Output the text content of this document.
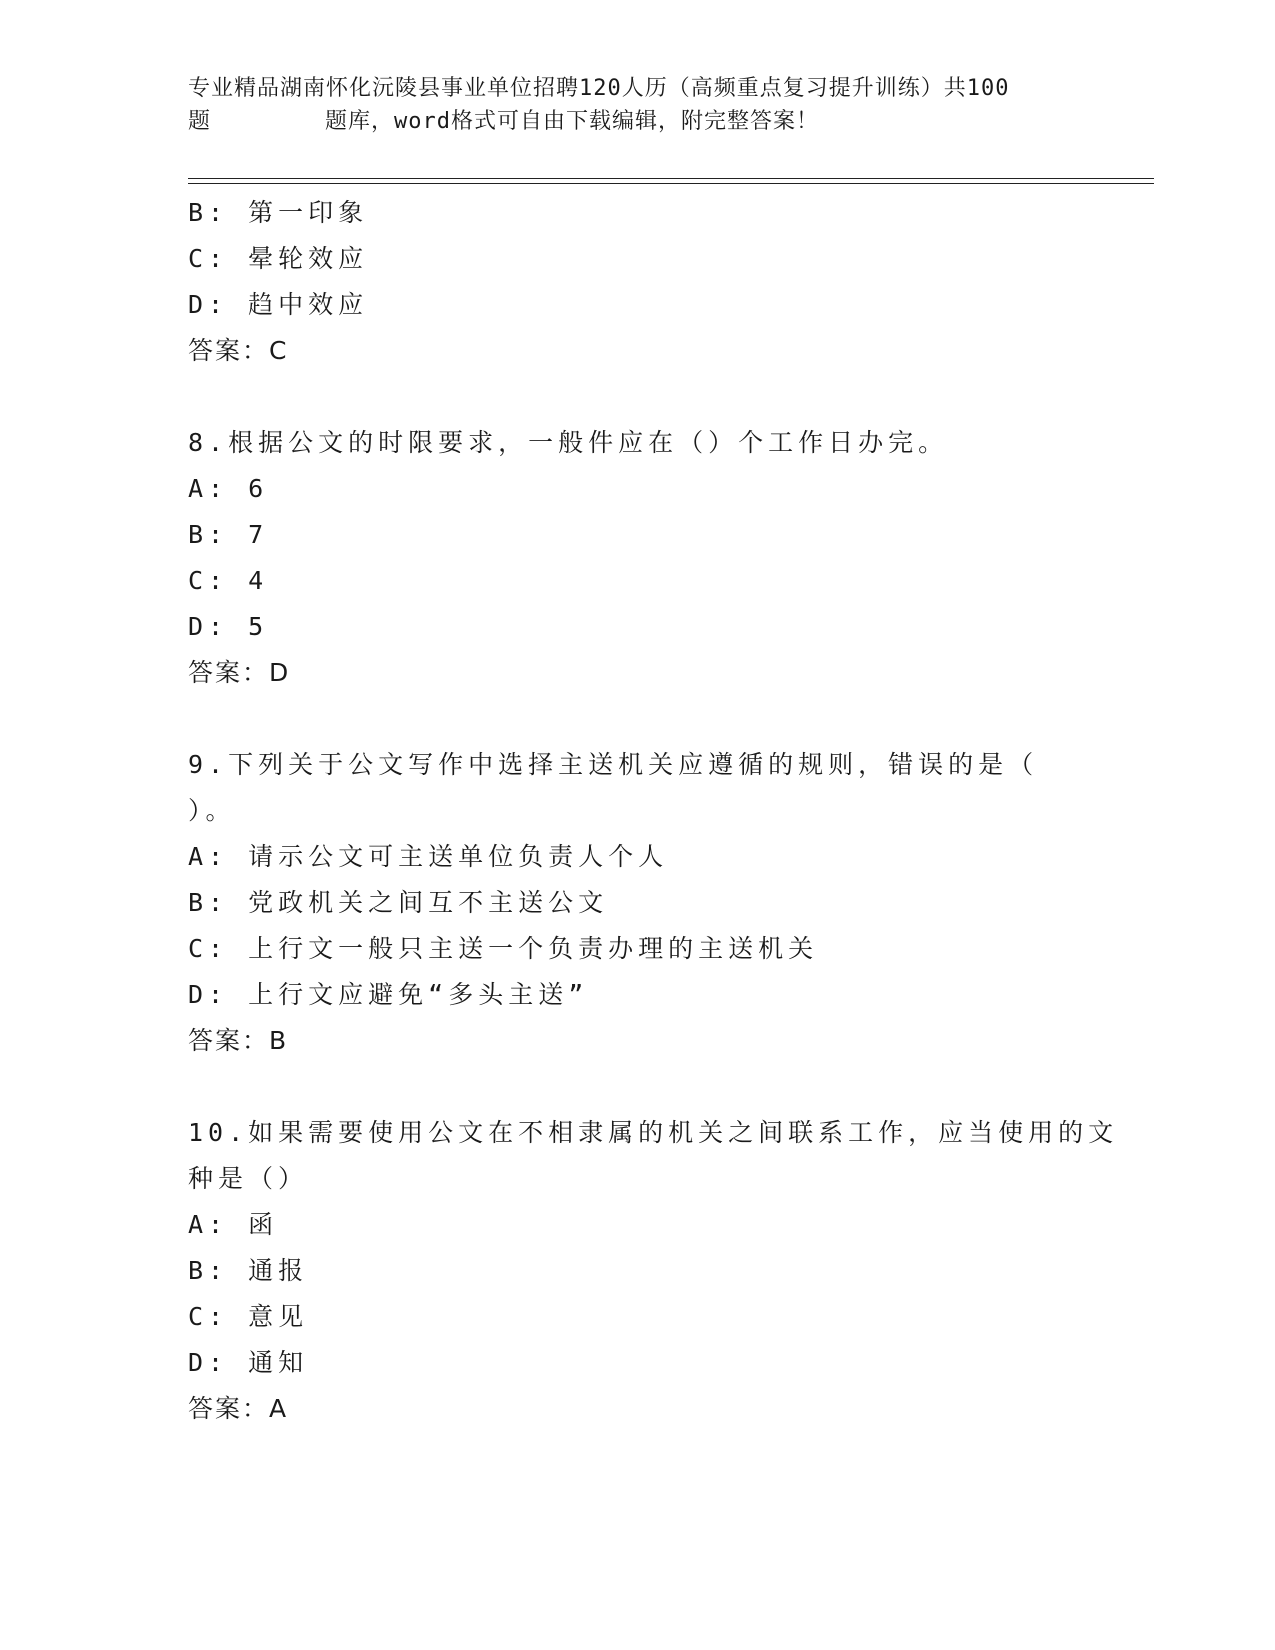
专业精品湖南怀化沅陵县事业单位招聘120人历（高频重点复习提升训练）共100
题        题库，word格式可自由下载编辑，附完整答案！
B: 第一印象
C: 晕轮效应
D: 趋中效应
答案：C
8.根据公文的时限要求，一般件应在（）个工作日办完。
A: 6
B: 7
C: 4
D: 5
答案：D
9.下列关于公文写作中选择主送机关应遵循的规则，错误的是（
）。
A: 请示公文可主送单位负责人个人
B: 党政机关之间互不主送公文
C: 上行文一般只主送一个负责办理的主送机关
D: 上行文应避免“多头主送”
答案：B
10.如果需要使用公文在不相隶属的机关之间联系工作，应当使用的文
种是（）
A: 函
B: 通报
C: 意见
D: 通知
答案：A
